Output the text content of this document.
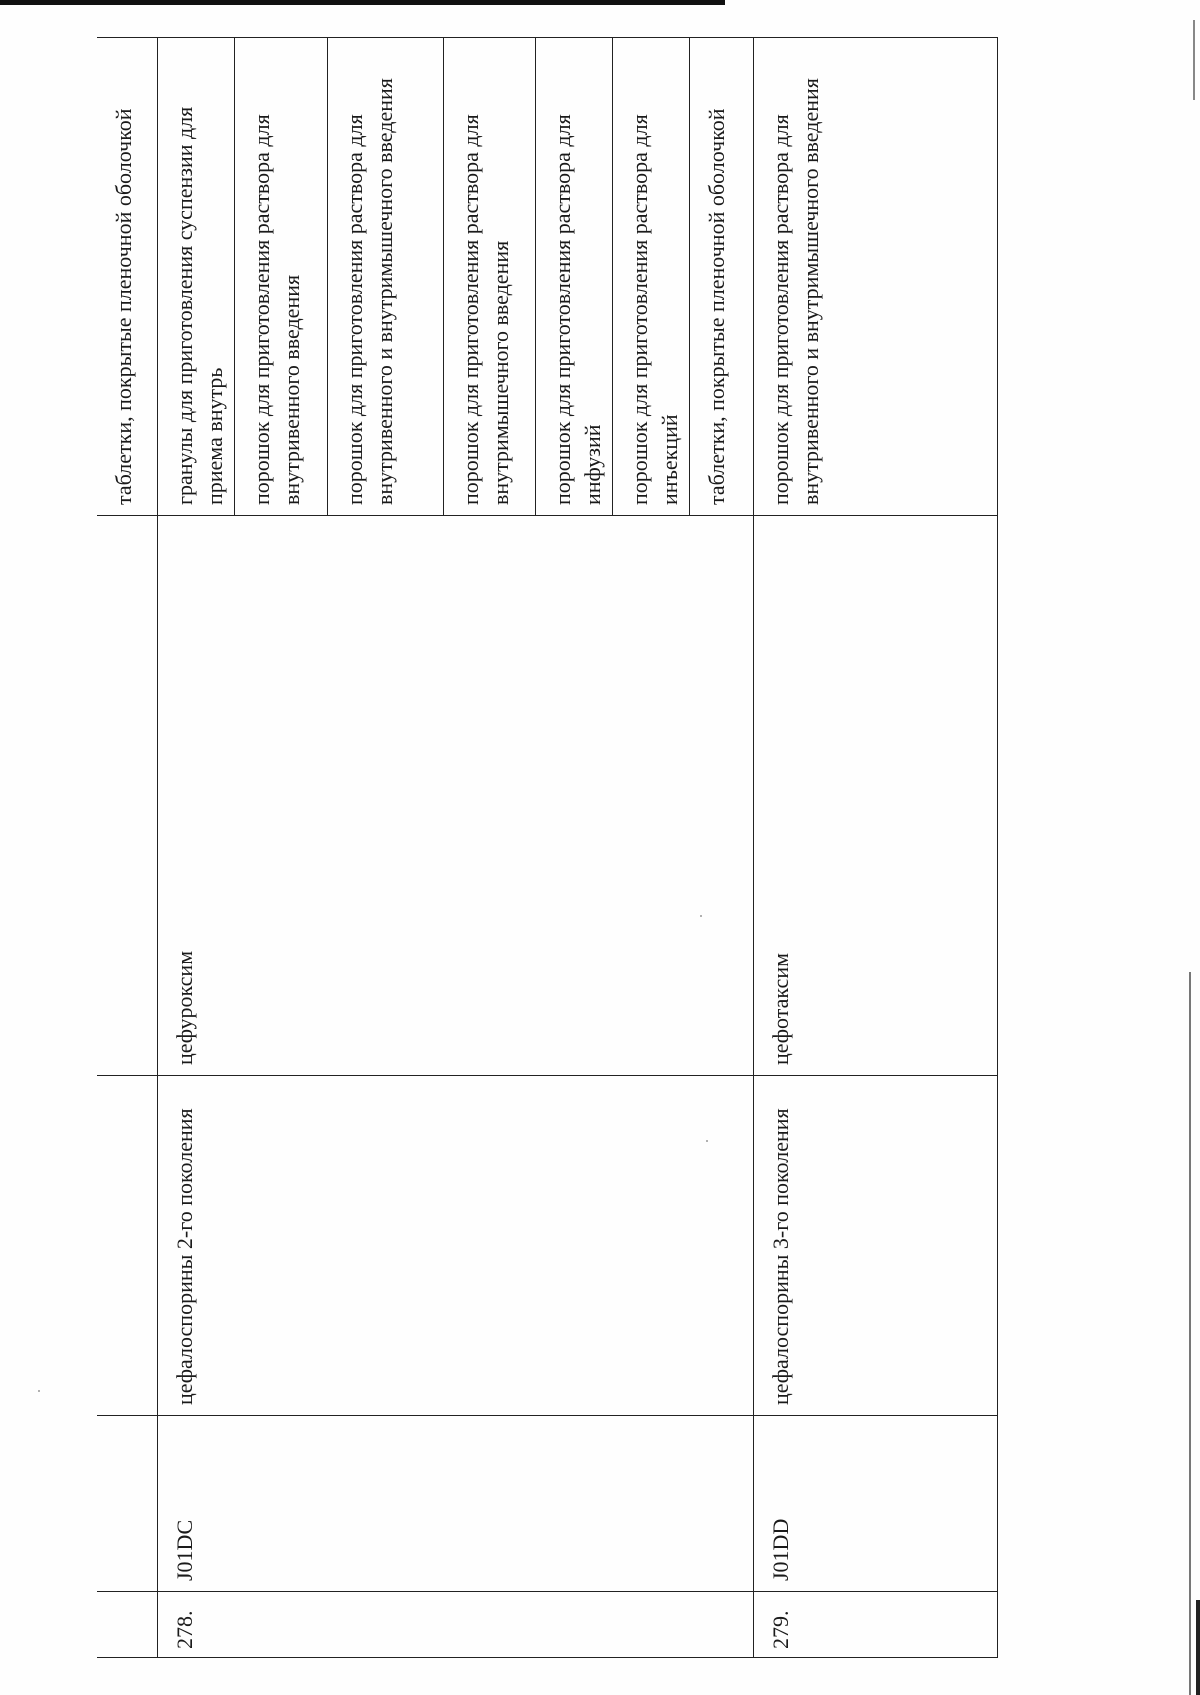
				таблетки, покрытые пленочной оболочкой
278.	J01DC	цефалоспорины 2-го поколения	цефуроксим	гранулы для приготовления суспензии для приема внутрь
				порошок для приготовления раствора для внутривенного введения
				порошок для приготовления раствора для внутривенного и внутримышечного введения
				порошок для приготовления раствора для внутримышечного введения
				порошок для приготовления раствора для инфузий
				порошок для приготовления раствора для инъекций
				таблетки, покрытые пленочной оболочкой
279.	J01DD	цефалоспорины 3-го поколения	цефотаксим	порошок для приготовления раствора для внутривенного и внутримышечного введения
